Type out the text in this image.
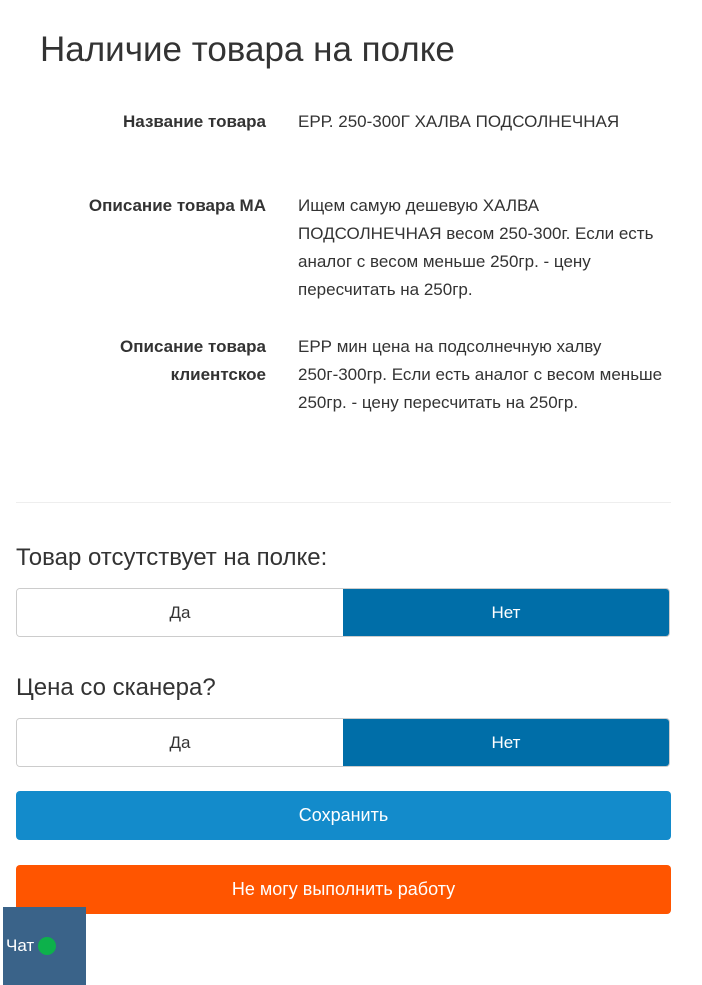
Наличие товара на полке
Название товара ЕРР. 250-300Г ХАЛВА ПОДСОЛНЕЧНАЯ
Описание товара МА Ищем самую дешевую ХАЛВА ПОДСОЛНЕЧНАЯ весом 250-300г. Если есть аналог с весом меньше 250гр. - цену пересчитать на 250гр.
Описание товара клиентское
ЕРР мин цена на подсолнечную халву 250г-300гр. Если есть аналог с весом меньше 250гр. - цену пересчитать на 250гр.
Товар отсутствует на полке:
Да	Нет
Цена со сканера?
Да	Нет
Сохранить
Не могу выполнить работу
Чат
